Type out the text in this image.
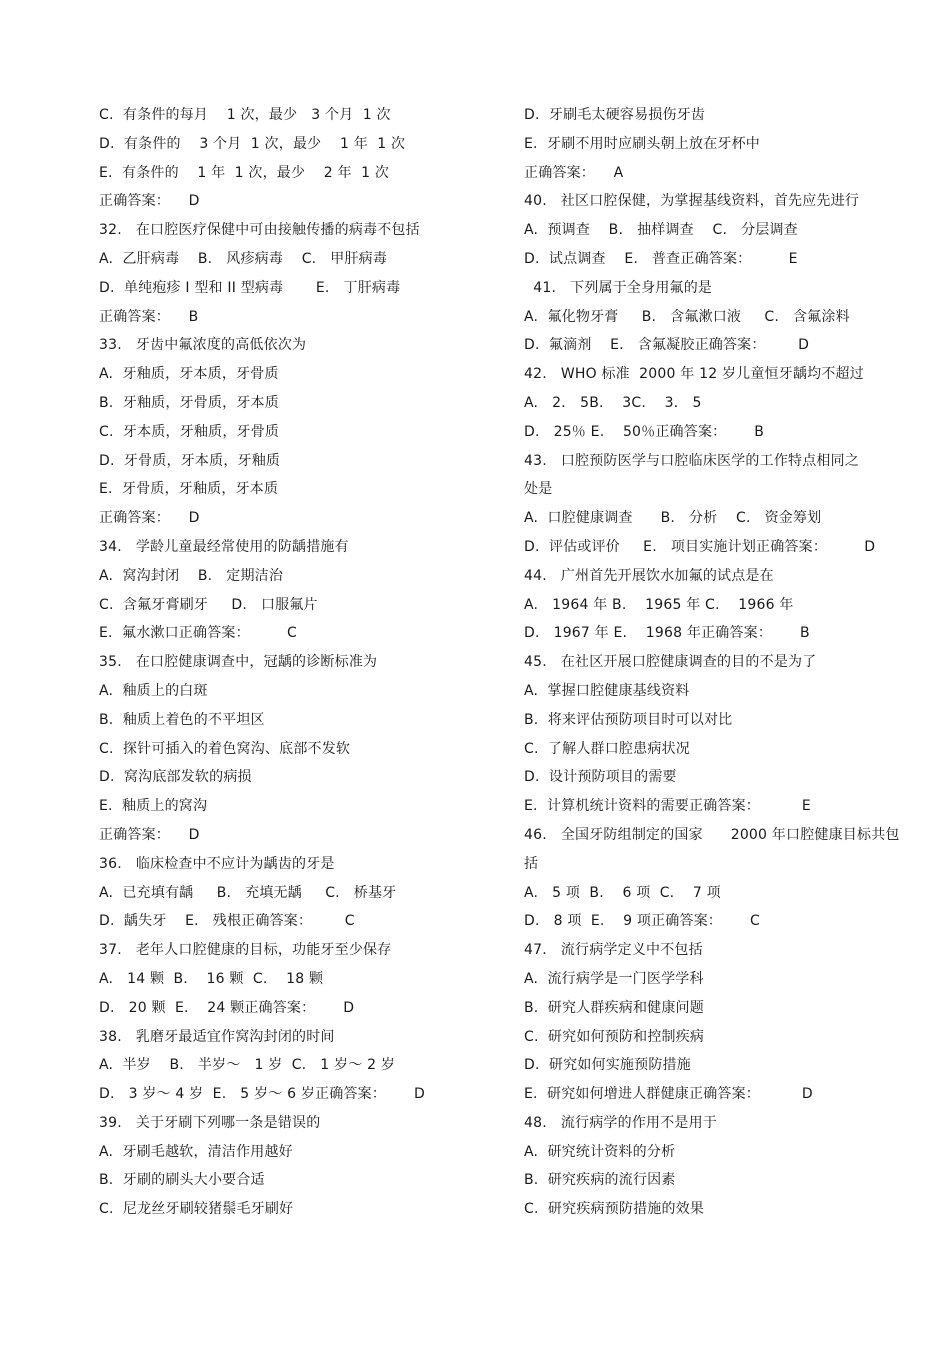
C.  有条件的每月    1 次，最少   3 个月  1 次
D.  有条件的    3 个月  1 次，最少    1 年  1 次
E.  有条件的    1 年  1 次，最少    2 年  1 次
正确答案：    D
32.   在口腔医疗保健中可由接触传播的病毒不包括
A.  乙肝病毒    B.   风疹病毒    C.   甲肝病毒
D.  单纯疱疹 I 型和 II 型病毒       E.   丁肝病毒
正确答案：    B
33.   牙齿中氟浓度的高低依次为
A.  牙釉质，牙本质，牙骨质
B.  牙釉质，牙骨质，牙本质
C.  牙本质，牙釉质，牙骨质
D.  牙骨质，牙本质，牙釉质
E.  牙骨质，牙釉质，牙本质
正确答案：    D
34.   学龄儿童最经常使用的防龋措施有
A.  窝沟封闭    B.   定期洁治
C.  含氟牙膏刷牙     D.   口服氟片
E.  氟水漱口正确答案：        C
35.   在口腔健康调查中，冠龋的诊断标准为
A.  釉质上的白斑
B.  釉质上着色的不平坦区
C.  探针可插入的着色窝沟、底部不发软
D.  窝沟底部发软的病损
E.  釉质上的窝沟
正确答案：    D
36.   临床检查中不应计为龋齿的牙是
A.  已充填有龋     B.   充填无龋     C.   桥基牙
D.  龋失牙    E.   残根正确答案：       C
37.   老年人口腔健康的目标，功能牙至少保存
A.   14 颗  B.    16 颗  C.    18 颗
D.   20 颗  E.    24 颗正确答案：      D
38.   乳磨牙最适宜作窝沟封闭的时间
A.  半岁    B.   半岁～   1 岁  C.   1 岁～ 2 岁
D.   3 岁～ 4 岁  E.   5 岁～ 6 岁正确答案：      D
39.   关于牙刷下列哪一条是错误的
A.  牙刷毛越软，清洁作用越好
B.  牙刷的刷头大小要合适
C.  尼龙丝牙刷较猪鬃毛牙刷好
D.  牙刷毛太硬容易损伤牙齿
E.  牙刷不用时应刷头朝上放在牙杯中
正确答案：    A
40.   社区口腔保健，为掌握基线资料，首先应先进行
A.  预调查    B.   抽样调查    C.   分层调查
D.  试点调查    E.   普查正确答案：        E
41.   下列属于全身用氟的是
A.  氟化物牙膏     B.   含氟漱口液     C.   含氟涂料
D.  氟滴剂    E.   含氟凝胶正确答案：       D
42.   WHO 标准  2000 年 12 岁儿童恒牙龋均不超过
A.   2． 5B.    3C.    3． 5
D.   25％ E.    50％正确答案：      B
43.   口腔预防医学与口腔临床医学的工作特点相同之
处是
A.  口腔健康调查      B.   分析    C.   资金筹划
D.  评估或评价     E.   项目实施计划正确答案：        D
44.   广州首先开展饮水加氟的试点是在
A.   1964 年 B.    1965 年 C.    1966 年
D.   1967 年 E.    1968 年正确答案：      B
45.   在社区开展口腔健康调查的目的不是为了
A.  掌握口腔健康基线资料
B.  将来评估预防项目时可以对比
C.  了解人群口腔患病状况
D.  设计预防项目的需要
E.  计算机统计资料的需要正确答案：         E
46.   全国牙防组制定的国家      2000 年口腔健康目标共包
括
A.   5 项  B.    6 项  C.    7 项
D.   8 项  E.    9 项正确答案：      C
47.   流行病学定义中不包括
A.  流行病学是一门医学学科
B.  研究人群疾病和健康问题
C.  研究如何预防和控制疾病
D.  研究如何实施预防措施
E.  研究如何增进人群健康正确答案：         D
48.   流行病学的作用不是用于
A.  研究统计资料的分析
B.  研究疾病的流行因素
C.  研究疾病预防措施的效果
